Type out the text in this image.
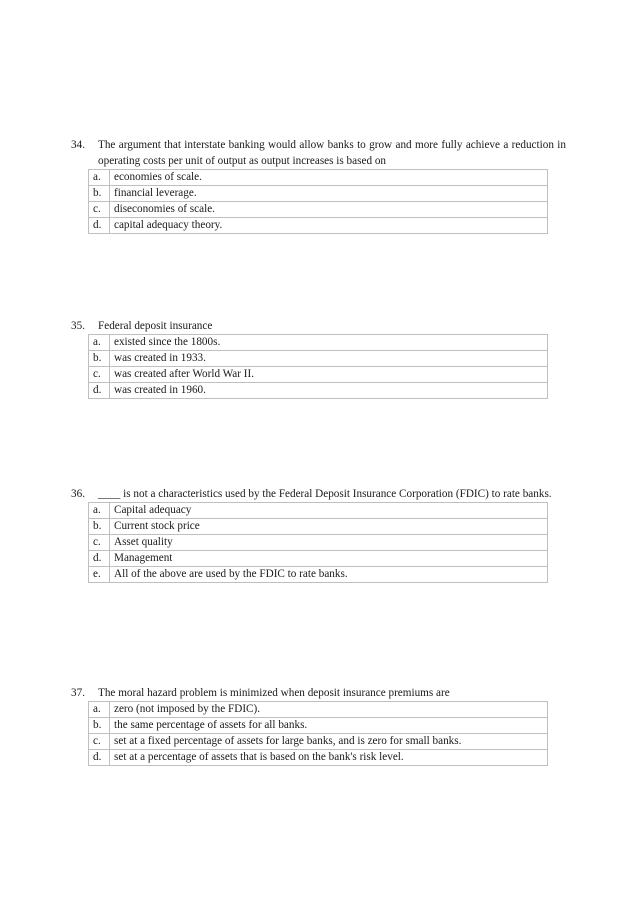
34.	The argument that interstate banking would allow banks to grow and more fully achieve a reduction in operating costs per unit of output as output increases is based on
a.	economies of scale.
b.	financial leverage.
c.	diseconomies of scale.
d.	capital adequacy theory.
35.	Federal deposit insurance
a.	existed since the 1800s.
b.	was created in 1933.
c.	was created after World War II.
d.	was created in 1960.
36.	____ is not a characteristics used by the Federal Deposit Insurance Corporation (FDIC) to rate banks.
a.	Capital adequacy
b.	Current stock price
c.	Asset quality
d.	Management
e.	All of the above are used by the FDIC to rate banks.
37.	The moral hazard problem is minimized when deposit insurance premiums are
a.	zero (not imposed by the FDIC).
b.	the same percentage of assets for all banks.
c.	set at a fixed percentage of assets for large banks, and is zero for small banks.
d.	set at a percentage of assets that is based on the bank's risk level.
